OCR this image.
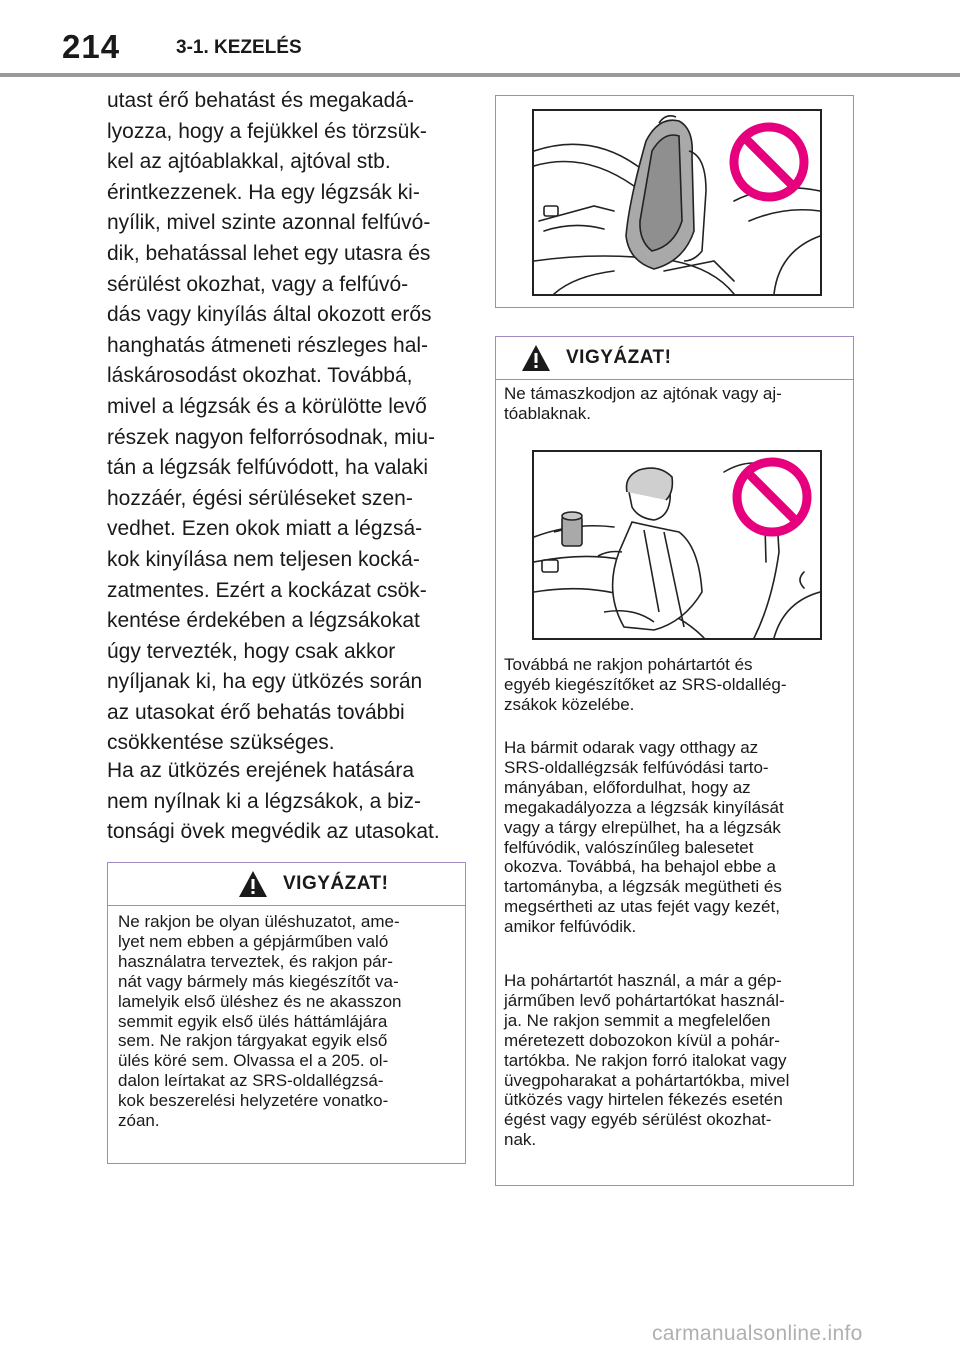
214	3-1. KEZELÉS

utast érő behatást és megakadá-
lyozza, hogy a fejükkel és törzsük-
kel az ajtóablakkal, ajtóval stb.
érintkezzenek. Ha egy légzsák ki-
nyílik, mivel szinte azonnal felfúvó-
dik, behatással lehet egy utasra és
sérülést okozhat, vagy a felfúvó-
dás vagy kinyílás által okozott erős
hanghatás átmeneti részleges hal-
láskárosodást okozhat. Továbbá,
mivel a légzsák és a körülötte levő
részek nagyon felforrósodnak, miu-
tán a légzsák felfúvódott, ha valaki
hozzáér, égési sérüléseket szen-
vedhet. Ezen okok miatt a légzsá-
kok kinyílása nem teljesen kocká-
zatmentes. Ezért a kockázat csök-
kentése érdekében a légzsákokat
úgy tervezték, hogy csak akkor
nyíljanak ki, ha egy ütközés során
az utasokat érő behatás további
csökkentése szükséges.

Ha az ütközés erejének hatására
nem nyílnak ki a légzsákok, a biz-
tonsági övek megvédik az utasokat.

VIGYÁZAT!
Ne rakjon be olyan üléshuzatot, ame-
lyet nem ebben a gépjárműben való
használatra terveztek, és rakjon pár-
nát vagy bármely más kiegészítőt va-
lamelyik első üléshez és ne akasszon
semmit egyik első ülés háttámlájára
sem. Ne rakjon tárgyakat egyik első
ülés köré sem. Olvassa el a 205. ol-
dalon leírtakat az SRS-oldallégzsá-
kok beszerelési helyzetére vonatko-
zóan.
VIGYÁZAT!
Ne támaszkodjon az ajtónak vagy aj-
tóablaknak.
Továbbá ne rakjon pohártartót és
egyéb kiegészítőket az SRS-oldallég-
zsákok közelébe.
Ha bármit odarak vagy otthagy az
SRS-oldallégzsák felfúvódási tarto-
mányában, előfordulhat, hogy az
megakadályozza a légzsák kinyílását
vagy a tárgy elrepülhet, ha a légzsák
felfúvódik, valószínűleg balesetet
okozva. Továbbá, ha behajol ebbe a
tartományba, a légzsák megütheti és
megsértheti az utas fejét vagy kezét,
amikor felfúvódik.
Ha pohártartót használ, a már a gép-
járműben levő pohártartókat használ-
ja. Ne rakjon semmit a megfelelően
méretezett dobozokon kívül a pohár-
tartókba. Ne rakjon forró italokat vagy
üvegpoharakat a pohártartókba, mivel
ütközés vagy hirtelen fékezés esetén
égést vagy egyéb sérülést okozhat-
nak.
carmanualsonline.info
